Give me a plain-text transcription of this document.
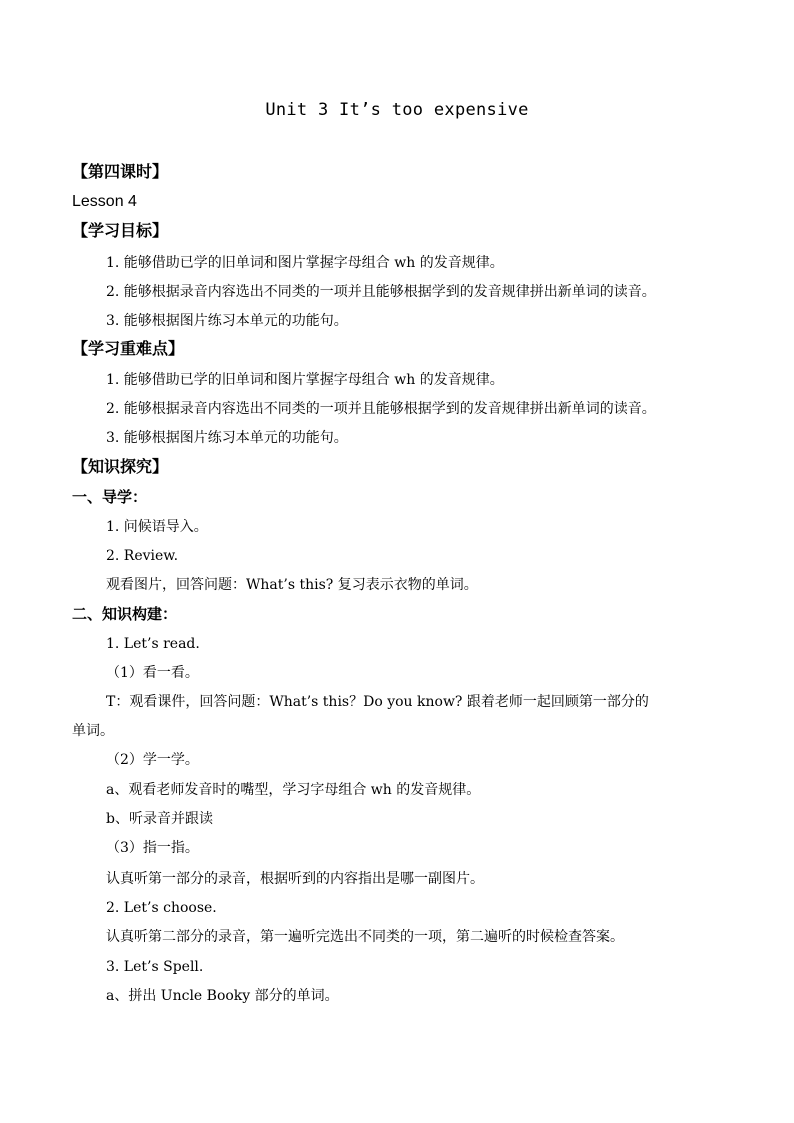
Unit 3 It’s too expensive
【第四课时】
Lesson 4
【学习目标】
1. 能够借助已学的旧单词和图片掌握字母组合 wh 的发音规律。
2. 能够根据录音内容选出不同类的一项并且能够根据学到的发音规律拼出新单词的读音。
3. 能够根据图片练习本单元的功能句。
【学习重难点】
1. 能够借助已学的旧单词和图片掌握字母组合 wh 的发音规律。
2. 能够根据录音内容选出不同类的一项并且能够根据学到的发音规律拼出新单词的读音。
3. 能够根据图片练习本单元的功能句。
【知识探究】
一、导学：
1. 问候语导入。
2. Review.
观看图片，回答问题：What’s this? 复习表示衣物的单词。
二、知识构建：
1. Let’s read.
（1）看一看。
T：观看课件，回答问题：What’s this？Do you know? 跟着老师一起回顾第一部分的
单词。
（2）学一学。
a、观看老师发音时的嘴型，学习字母组合 wh 的发音规律。
b、听录音并跟读
（3）指一指。
认真听第一部分的录音，根据听到的内容指出是哪一副图片。
2. Let’s choose.
认真听第二部分的录音，第一遍听完选出不同类的一项，第二遍听的时候检查答案。
3. Let’s Spell.
a、拼出 Uncle Booky 部分的单词。
